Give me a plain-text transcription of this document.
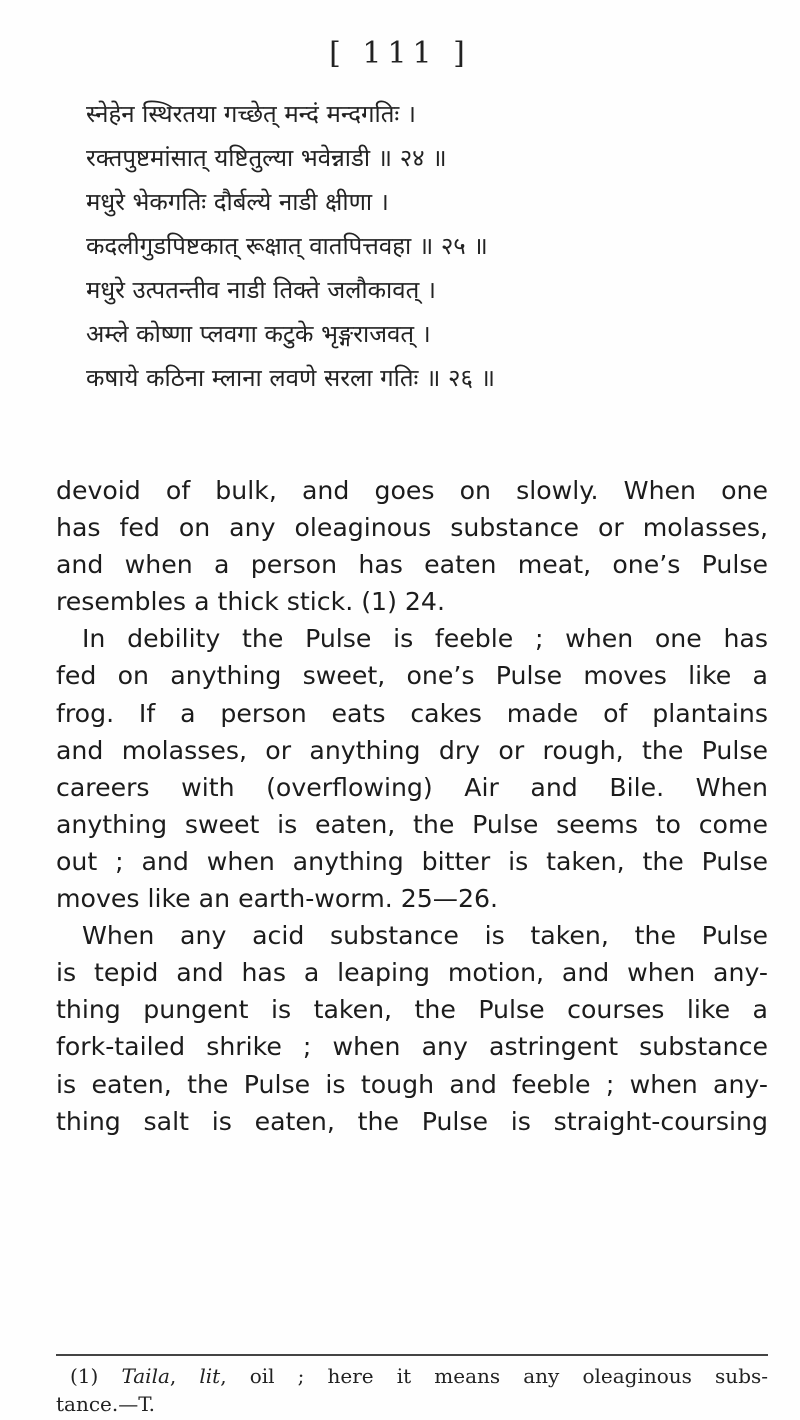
[ 111 ]
स्नेहेन स्थिरतया गच्छेत्‌ मन्दं मन्दगतिः ।
रक्तपुष्टमांसात्‌ यष्टितुल्या भवेन्नाडी ॥ २४ ॥
मधुरे भेकगतिः दौर्बल्ये नाडी क्षीणा ।
कदलीगुडपिष्टकात्‌ रूक्षात्‌ वातपित्तवहा ॥ २५ ॥
मधुरे उत्पतन्तीव नाडी तिक्ते जलौकावत्‌ ।
अम्ले कोष्णा प्लवगा कटुके भृङ्गराजवत्‌ ।
कषाये कठिना म्लाना लवणे सरला गतिः ॥ २६ ॥

devoid of bulk, and goes on slowly. When one

has fed on any oleaginous substance or molasses,

and when a person has eaten meat, one’s Pulse

resembles a thick stick. (1) 24.

In debility the Pulse is feeble ; when one has

fed on anything sweet, one’s Pulse moves like a

frog. If a person eats cakes made of plantains

and molasses, or anything dry or rough, the Pulse

careers with (overflowing) Air and Bile. When

anything sweet is eaten, the Pulse seems to come

out ; and when anything bitter is taken, the Pulse

moves like an earth-worm. 25—26.

When any acid substance is taken, the Pulse

is tepid and has a leaping motion, and when any-

thing pungent is taken, the Pulse courses like a

fork-tailed shrike ; when any astringent substance

is eaten, the Pulse is tough and feeble ; when any-

thing salt is eaten, the Pulse is straight-coursing

(1) Taila, lit, oil ; here it means any oleaginous subs-

tance.—T.
